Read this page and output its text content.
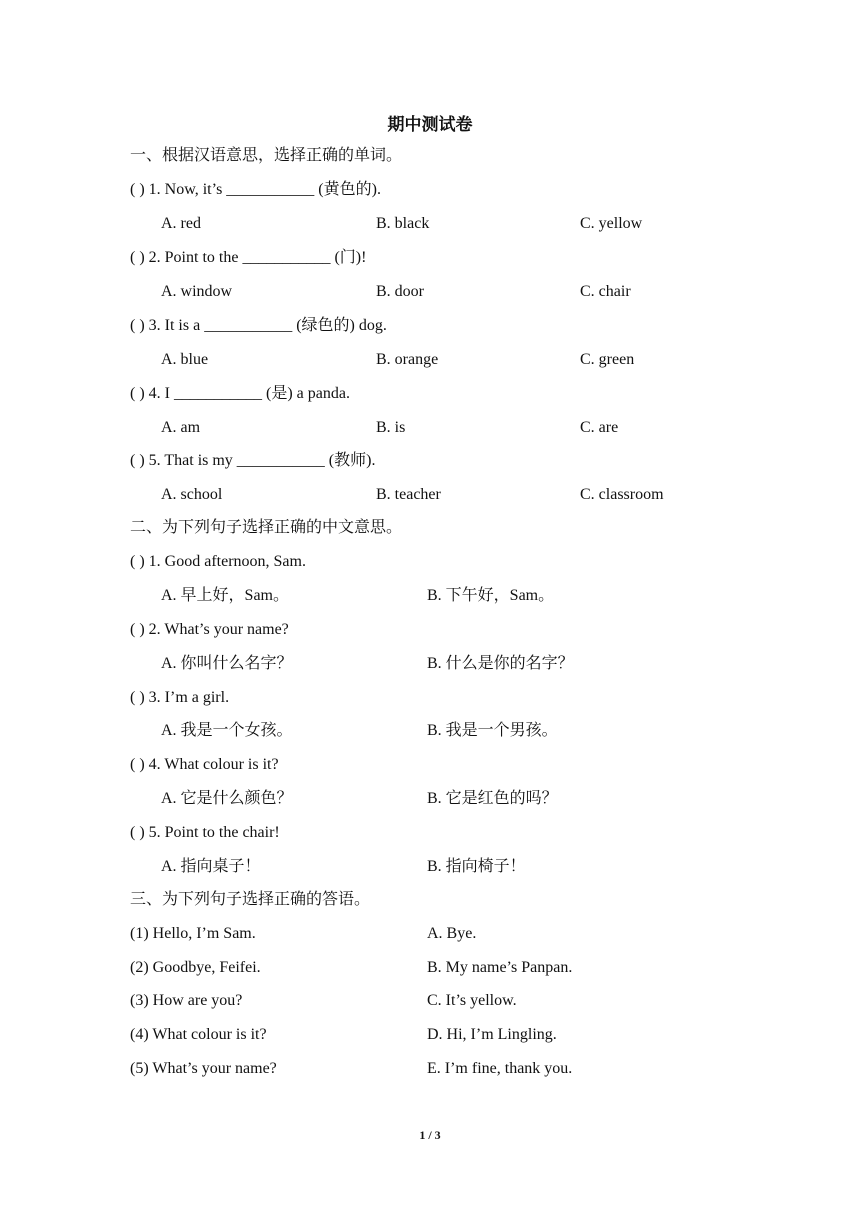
期中测试卷
一、根据汉语意思，选择正确的单词。
( ) 1. Now, it’s ___________ (黄色的).
A. red	B. black	C. yellow
( ) 2. Point to the ___________ (门)!
A. window	B. door	C. chair
( ) 3. It is a ___________ (绿色的) dog.
A. blue	B. orange	C. green
( ) 4. I ___________ (是) a panda.
A. am	B. is	C. are
( ) 5. That is my ___________ (教师).
A. school	B. teacher	C. classroom
二、为下列句子选择正确的中文意思。
( ) 1. Good afternoon, Sam.
A. 早上好，Sam。	B. 下午好，Sam。
( ) 2. What’s your name?
A. 你叫什么名字？	B. 什么是你的名字？
( ) 3. I’m a girl.
A. 我是一个女孩。	B. 我是一个男孩。
( ) 4. What colour is it?
A. 它是什么颜色？	B. 它是红色的吗？
( ) 5. Point to the chair!
A. 指向桌子！	B. 指向椅子！
三、为下列句子选择正确的答语。
(1) Hello, I’m Sam.	A. Bye.
(2) Goodbye, Feifei.	B. My name’s Panpan.
(3) How are you?	C. It’s yellow.
(4) What colour is it?	D. Hi, I’m Lingling.
(5) What’s your name?	E. I’m fine, thank you.
1 / 3
